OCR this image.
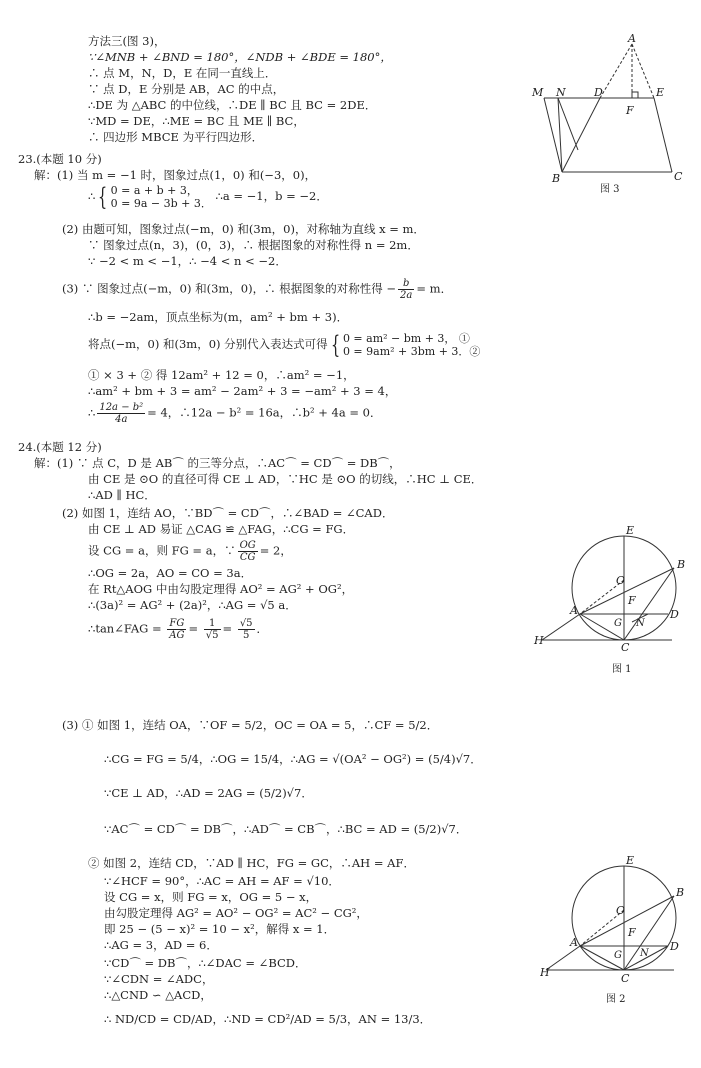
方法三(图 3)，
∵∠MNB + ∠BND = 180°，∠NDB + ∠BDE = 180°，
∴ 点 M，N，D，E 在同一直线上．
∵ 点 D，E 分别是 AB，AC 的中点，
∴DE 为 △ABC 的中位线，∴DE ∥ BC 且 BC = 2DE．
∵MD = DE，∴ME = BC 且 ME ∥ BC，
∴ 四边形 MBCE 为平行四边形．
A
M N	D	E
F
B	C
图 3
23.(本题 10 分)
解：(1) 当 m = −1 时，图象过点(1，0) 和(−3，0)，
∴ { 0 = a + b + 3，
0 = 9a − 3b + 3． ∴a = −1，b = −2．
(2) 由题可知，图象过点(−m，0) 和(3m，0)，对称轴为直线 x = m．
∵ 图象过点(n，3)，(0，3)，∴ 根据图象的对称性得 n = 2m．
∵ −2 < m < −1，∴ −4 < n < −2．
(3) ∵ 图象过点(−m，0) 和(3m，0)，∴ 根据图象的对称性得 − $\frac{b}{2a} = m$．
∴b = −2am，顶点坐标为(m，am² + bm + 3)．
将点(−m，0) 和(3m，0) 分别代入表达式可得 { 0 = am² − bm + 3， ①
0 = 9am² + 3bm + 3．②
① × 3 + ② 得 12am² + 12 = 0，∴am² = −1，
∴am² + bm + 3 = am² − 2am² + 3 = −am² + 3 = 4，
∴ $\frac{\text{12a − b²}}{4a} = 4$，∴12a − b² = 16a，∴b² + 4a = 0．
24.(本题 12 分)
解：(1) ∵ 点 C，D 是 AB⌒ 的三等分点，∴AC⌒ = CD⌒ = DB⌒，
由 CE 是 ⊙O 的直径可得 CE ⊥ AD，∵HC 是 ⊙O 的切线，∴HC ⊥ CE．
∴AD ∥ HC．
(2) 如图 1，连结 AO，∵BD⌒ = CD⌒，∴∠BAD = ∠CAD．
由 CE ⊥ AD 易证 △CAG ≌ △FAG，∴CG = FG．
设 CG = a，则 FG = a，∵ $\frac{OG}{CG} = 2$，
∴OG = 2a，AO = CO = 3a．
在 Rt△AOG 中由勾股定理得 AO² = AG² + OG²，
∴(3a)² = AG² + (2a)²，∴AG = √5 a．
∴tan∠FAG = $\frac{FG}{AG} = \frac{1}{√5} = \frac{√5}{5}$ ．
E
O
B
F
A
G N
D
H
C
图 1
(3) ① 如图 1，连结 OA，∵OF = 5/2，OC = OA = 5，∴CF = 5/2．
∴CG = FG = 5/4，∴OG = 15/4，∴AG = √(OA² − OG²) = (5/4)√7．
∵CE ⊥ AD，∴AD = 2AG = (5/2)√7．
∵AC⌒ = CD⌒ = DB⌒，∴AD⌒ = CB⌒，∴BC = AD = (5/2)√7．
② 如图 2，连结 CD，∵AD ∥ HC，FG = GC，∴AH = AF．
∵∠HCF = 90°，∴AC = AH = AF = √10．
设 CG = x，则 FG = x，OG = 5 − x，
由勾股定理得 AG² = AO² − OG² = AC² − CG²，
即 25 − (5 − x)² = 10 − x²，解得 x = 1．
∴AG = 3，AD = 6．
∵CD⌒ = DB⌒，∴∠DAC = ∠BCD．
∵∠CDN = ∠ADC，
∴△CND ∽ △ACD，
∴ ND/CD = CD/AD，∴ND = CD²/AD = 5/3，AN = 13/3．
E
O
B
F
A
G N
D
H	C
图 2
